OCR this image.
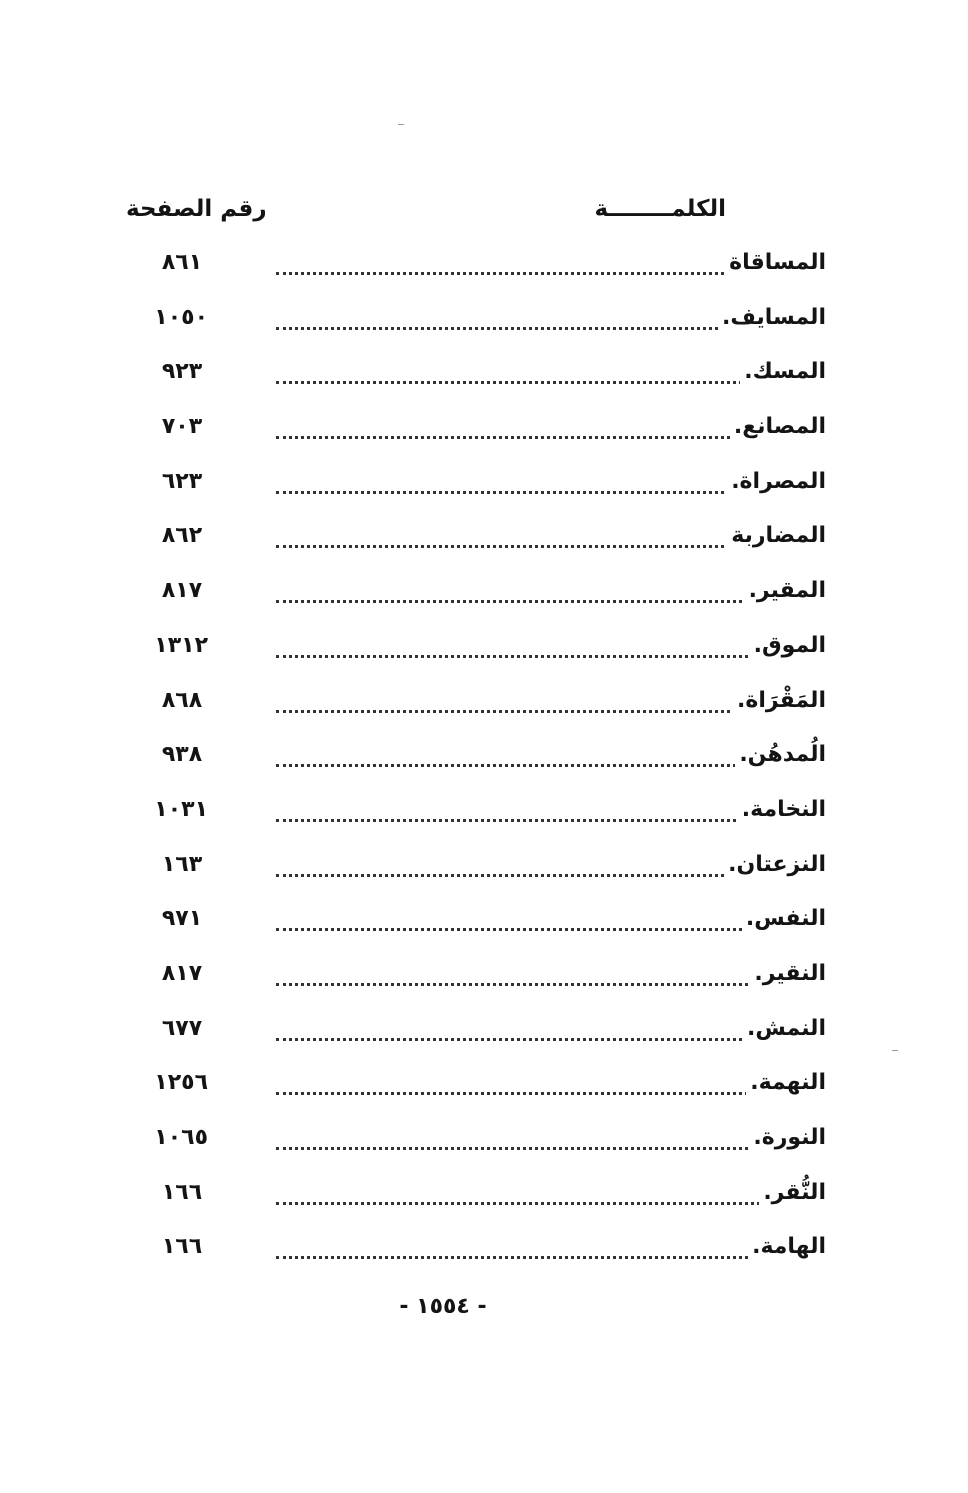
الكلمــــــــة
رقم الصفحة
المساقاة
٨٦١
المسايف.
١٠٥٠
المسك.
٩٢٣
المصانع.
٧٠٣
المصراة.
٦٢٣
المضاربة
٨٦٢
المقير.
٨١٧
الموق.
١٣١٢
المَقْرَاة.
٨٦٨
الُمدهُن.
٩٣٨
النخامة.
١٠٣١
النزعتان.
١٦٣
النفس.
٩٧١
النقير.
٨١٧
النمش.
٦٧٧
النهمة.
١٢٥٦
النورة.
١٠٦٥
النُّقر.
١٦٦
الهامة.
١٦٦
- ١٥٥٤ -
